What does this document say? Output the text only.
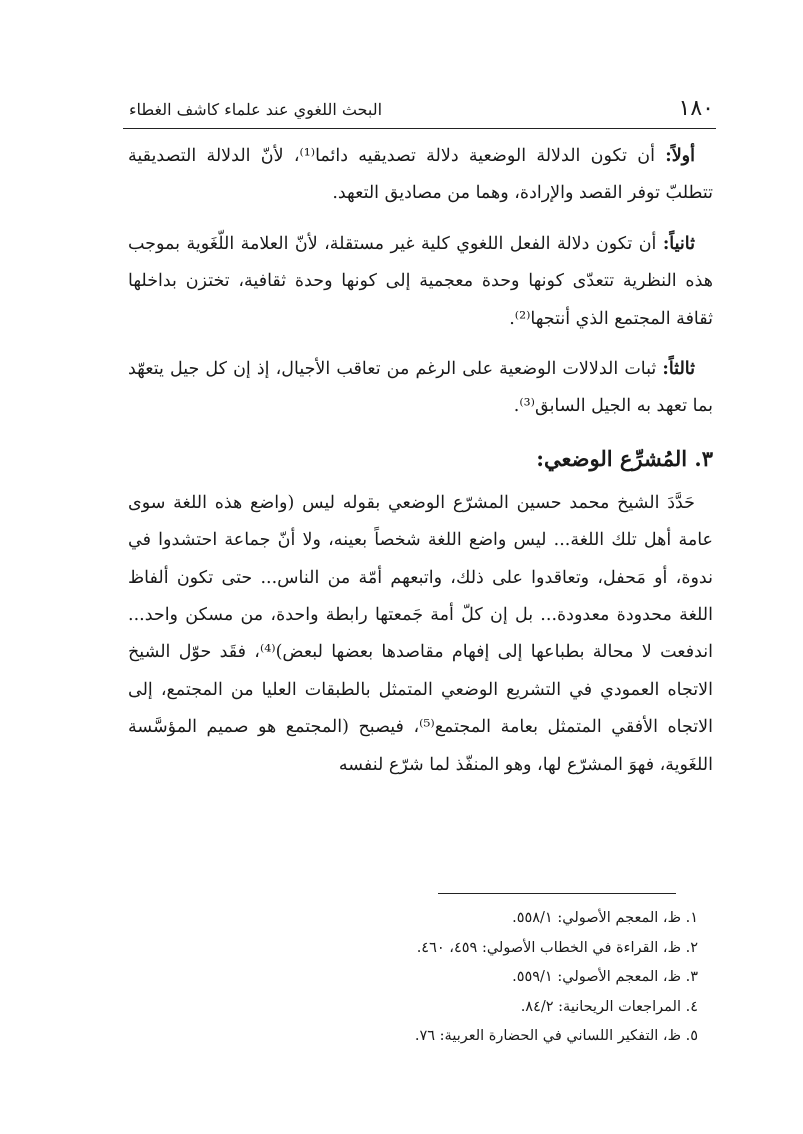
١٨٠
البحث اللغوي عند علماء كاشف الغطاء

أولاً: أن تكون الدلالة الوضعية دلالة تصديقيه دائما⁽¹⁾، لأنّ الدلالة التصديقية تتطلبّ توفر القصد والإرادة، وهما من مصاديق التعهد.

ثانياً: أن تكون دلالة الفعل اللغوي كلية غير مستقلة، لأنّ العلامة اللّغَوية بموجب هذه النظرية تتعدّى كونها وحدة معجمية إلى كونها وحدة ثقافية، تختزن بداخلها ثقافة المجتمع الذي أنتجها⁽²⁾.

ثالثاً: ثبات الدلالات الوضعية على الرغم من تعاقب الأجيال، إذ إن كل جيل يتعهّد بما تعهد به الجيل السابق⁽³⁾.

٣. المُشرِّع الوضعي:

حَدَّدَ الشيخ محمد حسين المشرّع الوضعي بقوله ليس (واضع هذه اللغة سوى عامة أهل تلك اللغة... ليس واضع اللغة شخصاً بعينه، ولا أنّ جماعة احتشدوا في ندوة، أو مَحفل، وتعاقدوا على ذلك، واتبعهم أمّة من الناس... حتى تكون ألفاظ اللغة محدودة معدودة... بل إن كلّ أمة جَمعتها رابطة واحدة، من مسكن واحد... اندفعت لا محالة بطباعها إلى إفهام مقاصدها بعضها لبعض)⁽⁴⁾، فقَد حوّل الشيخ الاتجاه العمودي في التشريع الوضعي المتمثل بالطبقات العليا من المجتمع، إلى الاتجاه الأفقي المتمثل بعامة المجتمع⁽⁵⁾، فيصبح (المجتمع هو صميم المؤسَّسة اللغَوية، فهوَ المشرّع لها، وهو المنفّذ لما شرّع لنفسه

١. ظ، المعجم الأصولي: ٥٥٨/١.
٢. ظ، القراءة في الخطاب الأصولي: ٤٥٩، ٤٦٠.
٣. ظ، المعجم الأصولي: ٥٥٩/١.
٤. المراجعات الريحانية: ٨٤/٢.
٥. ظ، التفكير اللساني في الحضارة العربية: ٧٦.
